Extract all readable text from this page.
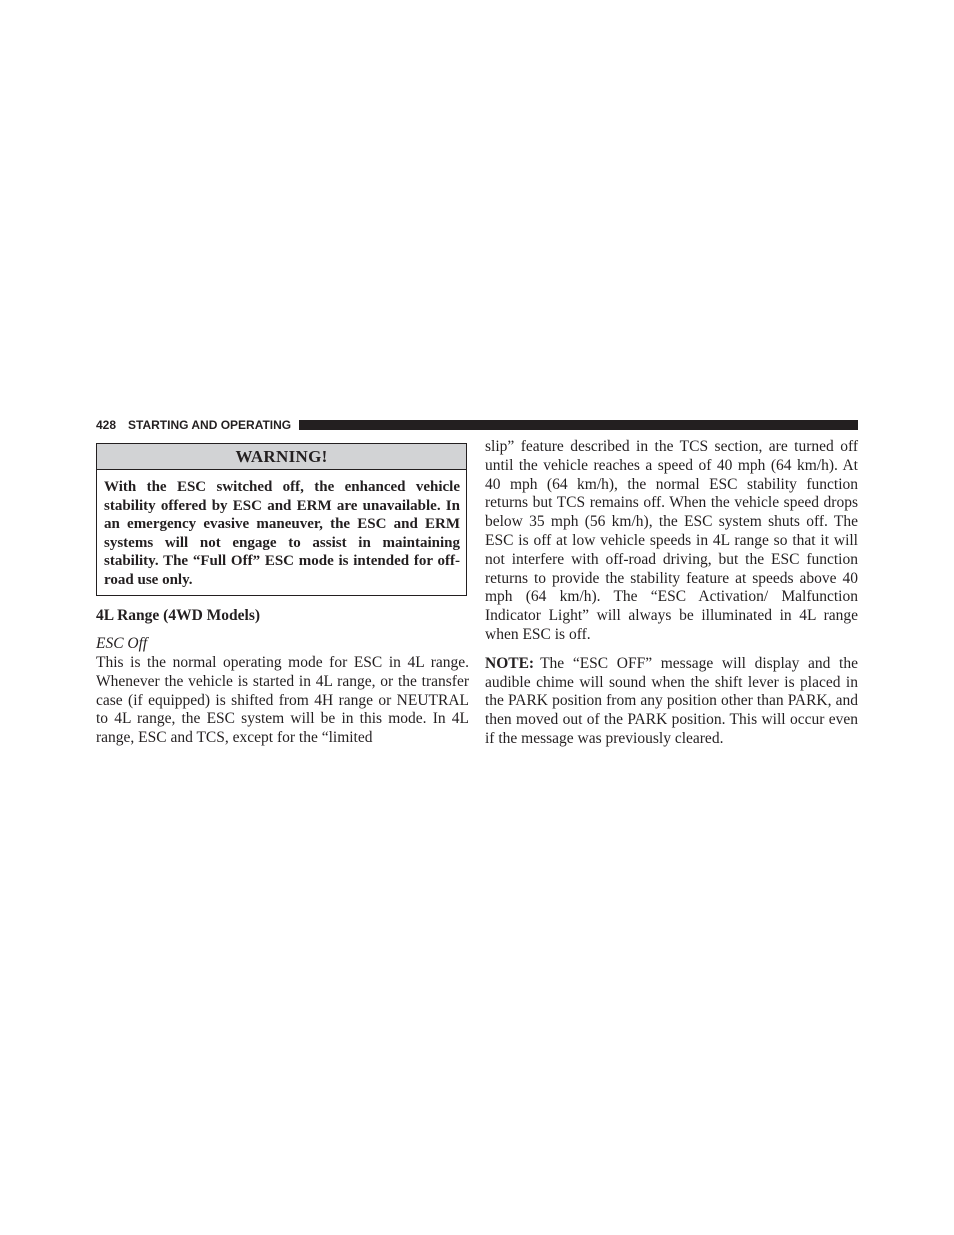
428 STARTING AND OPERATING
WARNING!
With the ESC switched off, the enhanced vehicle stability offered by ESC and ERM are unavailable. In an emergency evasive maneuver, the ESC and ERM systems will not engage to assist in maintaining stability. The “Full Off” ESC mode is intended for off-road use only.

4L Range (4WD Models)

ESC Off

This is the normal operating mode for ESC in 4L range. Whenever the vehicle is started in 4L range, or the transfer case (if equipped) is shifted from 4H range or NEUTRAL to 4L range, the ESC system will be in this mode. In 4L range, ESC and TCS, except for the “limited

slip” feature described in the TCS section, are turned off until the vehicle reaches a speed of 40 mph (64 km/h). At 40 mph (64 km/h), the normal ESC stability function returns but TCS remains off. When the vehicle speed drops below 35 mph (56 km/h), the ESC system shuts off. The ESC is off at low vehicle speeds in 4L range so that it will not interfere with off-road driving, but the ESC function returns to provide the stability feature at speeds above 40 mph (64 km/h). The “ESC Activation/ Malfunction Indicator Light” will always be illuminated in 4L range when ESC is off.

NOTE: The “ESC OFF” message will display and the audible chime will sound when the shift lever is placed in the PARK position from any position other than PARK, and then moved out of the PARK position. This will occur even if the message was previously cleared.
